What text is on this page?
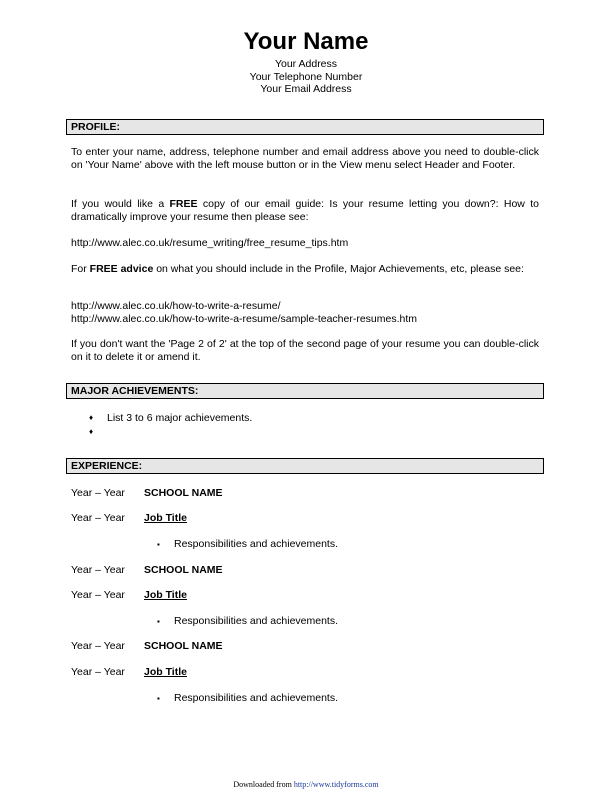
Your Name
Your Address
Your Telephone Number
Your Email Address
PROFILE:

To enter your name, address, telephone number and email address above you need to double-click on 'Your Name' above with the left mouse button or in the View menu select Header and Footer.

If you would like a FREE copy of our email guide: Is your resume letting you down?: How to dramatically improve your resume then please see:

http://www.alec.co.uk/resume_writing/free_resume_tips.htm

For FREE advice on what you should include in the Profile, Major Achievements, etc, please see:

http://www.alec.co.uk/how-to-write-a-resume/
http://www.alec.co.uk/how-to-write-a-resume/sample-teacher-resumes.htm

If you don't want the 'Page 2 of 2' at the top of the second page of your resume you can double-click on it to delete it or amend it.

MAJOR ACHIEVEMENTS:
♦ List 3 to 6 major achievements.
♦
EXPERIENCE:
Year – Year SCHOOL NAME
Year – Year Job Title
▪ Responsibilities and achievements.
Year – Year SCHOOL NAME
Year – Year Job Title
▪ Responsibilities and achievements.
Year – Year SCHOOL NAME
Year – Year Job Title
▪ Responsibilities and achievements.
Downloaded from http://www.tidyforms.com
